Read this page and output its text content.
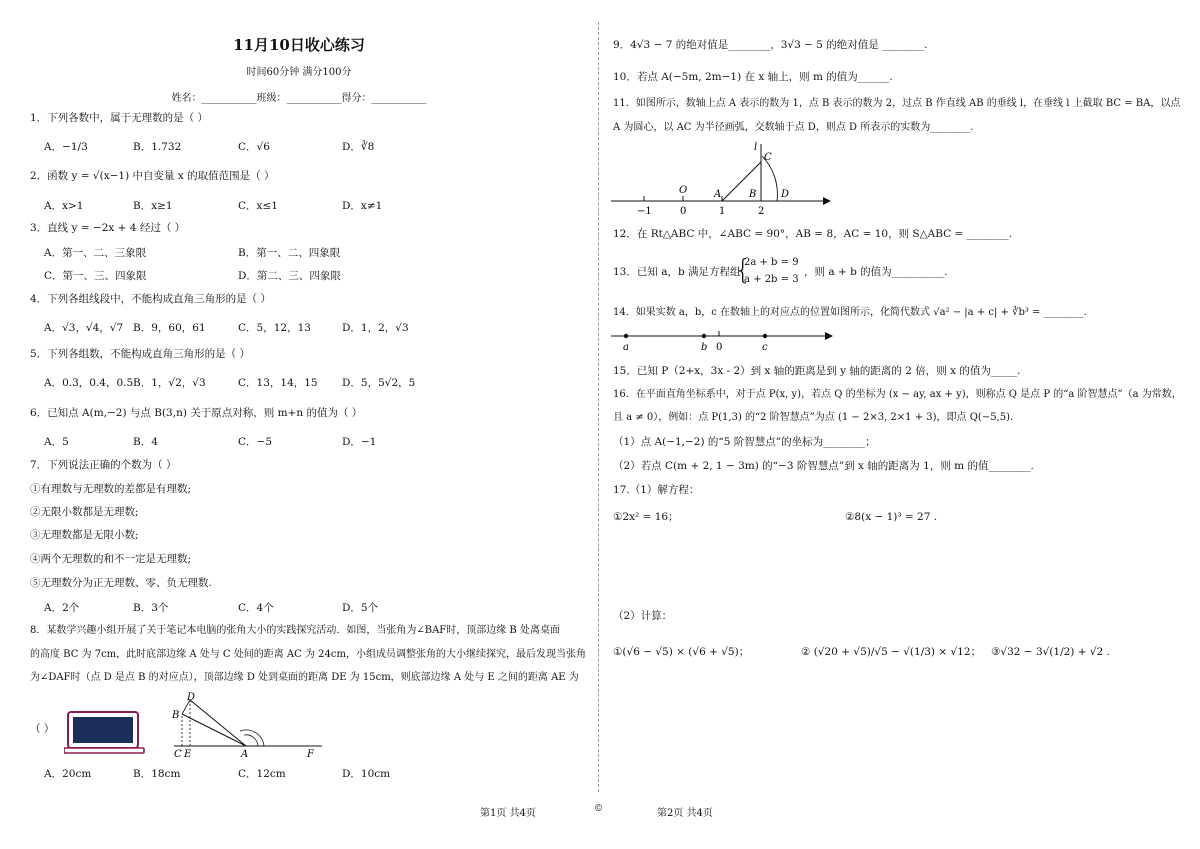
11月10日收心练习
时间60分钟 满分100分
姓名：___________班级：___________得分：___________
1．下列各数中，属于无理数的是（ ）
A．−1/3	B．1.732	C．√6	D．∛8
2．函数 y = √(x−1) 中自变量 x 的取值范围是（ ）
A．x>1	B．x≥1	C．x≤1	D．x≠1
3．直线 y = −2x + 4 经过（ ）
A．第一、二、三象限	B．第一、二、四象限
C．第一、三、四象限	D．第二、三、四象限
4．下列各组线段中，不能构成直角三角形的是（ ）
A．√3，√4，√7 B．9，60，61	C．5，12，13	D．1，2，√3
5．下列各组数，不能构成直角三角形的是（ ）
A．0.3，0.4，0.5 B．1，√2，√3	C．13，14，15 D．5，5√2，5
6．已知点 A(m,−2) 与点 B(3,n) 关于原点对称，则 m+n 的值为（ ）
A．5	B．4	C．−5	D．−1
7．下列说法正确的个数为（ ）
①有理数与无理数的差都是有理数;
②无限小数都是无理数;
③无理数都是无限小数;
④两个无理数的和不一定是无理数;
⑤无理数分为正无理数、零、负无理数.
A．2个	B．3个	C．4个	D．5个
8．某数学兴趣小组开展了关于笔记本电脑的张角大小的实践探究活动．如图，当张角为∠BAF时，顶部边缘 B 处离桌面
的高度 BC 为 7cm，此时底部边缘 A 处与 C 处间的距离 AC 为 24cm，小组成员调整张角的大小继续探究，最后发现当张角
为∠DAF时（点 D 是点 B 的对应点），顶部边缘 D 处到桌面的距离 DE 为 15cm，则底部边缘 A 处与 E 之间的距离 AE 为
（ ）
D
B
C E	A	F
A．20cm	B．18cm	C．12cm	D．10cm
第1页 共4页	©
9．4√3 − 7 的绝对值是________，3√3 − 5 的绝对值是 ________.
10．若点 A(−5m, 2m−1) 在 x 轴上，则 m 的值为______.
11．如图所示，数轴上点 A 表示的数为 1，点 B 表示的数为 2，过点 B 作直线 AB 的垂线 l，在垂线 l 上截取 BC = BA，以点
A 为圆心，以 AC 为半径画弧，交数轴于点 D，则点 D 所表示的实数为________.
l
C
O	A	B D
−1	0	1	2
12．在 Rt△ABC 中，∠ABC = 90°，AB = 8，AC = 10，则 S△ABC = ________.
13．已知 a，b 满足方程组
{
2a + b = 9
a + 2b = 3
，则 a + b 的值为__________.
14．如果实数 a，b，c 在数轴上的对应点的位置如图所示，化简代数式 √a² − |a + c| + ∛b³ = ________.
a	b 0	c
15．已知 P（2+x，3x - 2）到 x 轴的距离是到 y 轴的距离的 2 倍，则 x 的值为_____.
16．在平面直角坐标系中，对于点 P(x, y)，若点 Q 的坐标为 (x − ay, ax + y)，则称点 Q 是点 P 的“a 阶智慧点”（a 为常数，
且 a ≠ 0），例如：点 P(1,3) 的“2 阶智慧点”为点 (1 − 2×3, 2×1 + 3)，即点 Q(−5,5).
（1）点 A(−1,−2) 的“5 阶智慧点”的坐标为________；
（2）若点 C(m + 2, 1 − 3m) 的“−3 阶智慧点”到 x 轴的距离为 1，则 m 的值________.
17.（1）解方程：
①2x² = 16；	②8(x − 1)³ = 27 .
（2）计算：
①(√6 − √5) × (√6 + √5)；	② (√20 + √5)/√5 − √(1/3) × √12； ③√32 − 3√(1/2) + √2 .
第2页 共4页
